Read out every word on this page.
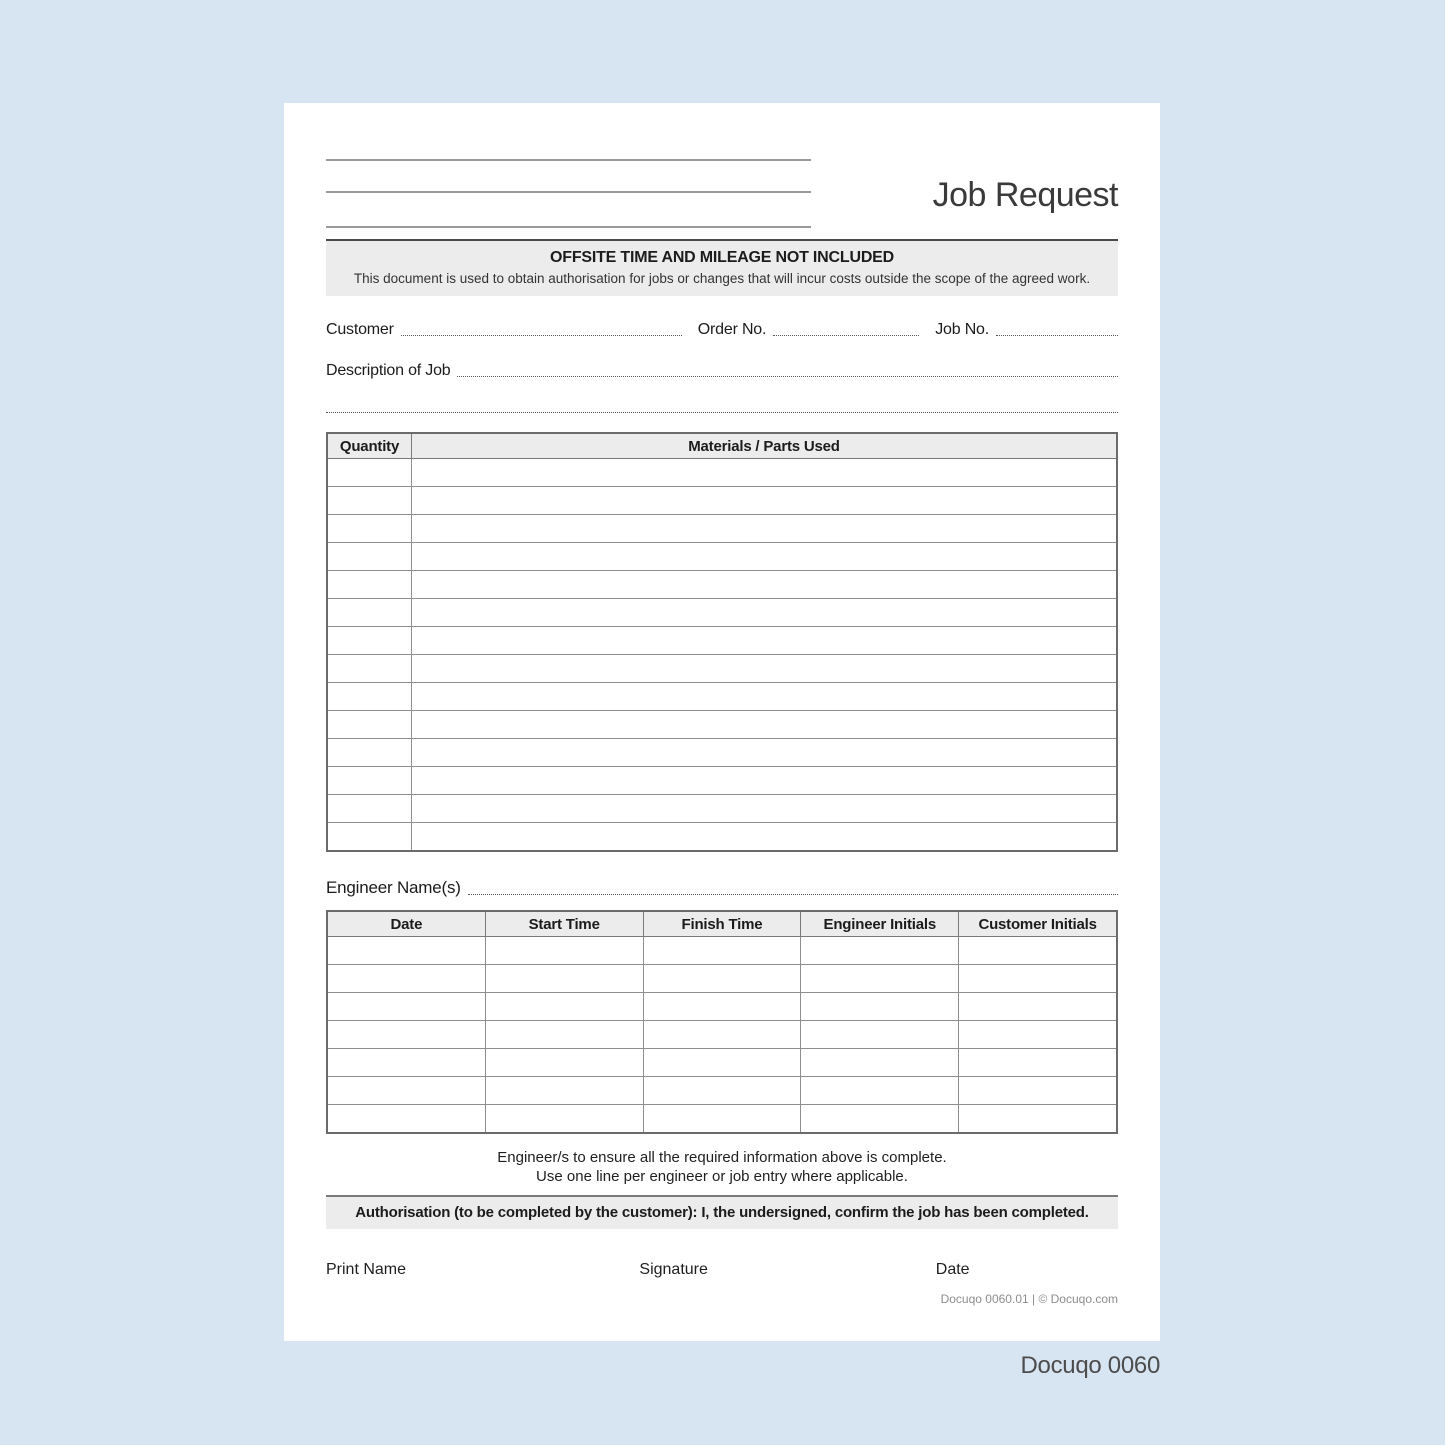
Job Request
OFFSITE TIME AND MILEAGE NOT INCLUDED
This document is used to obtain authorisation for jobs or changes that will incur costs outside the scope of the agreed work.
Customer	Order No.	Job No.
Description of Job
Quantity	Materials / Parts Used

Engineer Name(s)
Date	Start Time	Finish Time	Engineer Initials	Customer Initials

Engineer/s to ensure all the required information above is complete.
Use one line per engineer or job entry where applicable.
Authorisation (to be completed by the customer): I, the undersigned, confirm the job has been completed.
Print Name	Signature	Date
Docuqo 0060.01 | © Docuqo.com
Docuqo 0060
